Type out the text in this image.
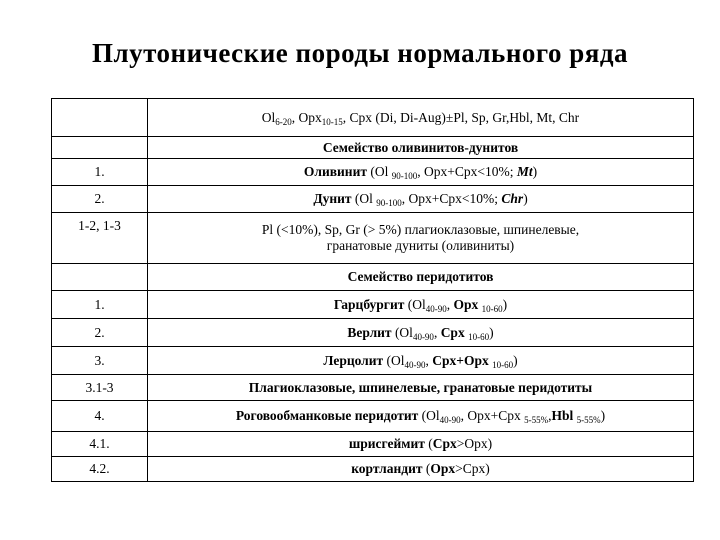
Плутонические породы нормального ряда
	$Ol_{6-20}$, Opx$_{10-15}$, Cpx (Di, Di-Aug)±Pl, Sp, Gr,Hbl, Mt, Chr
	Семейство оливинитов-дунитов
1.	Оливинит (Ol $_{90-100}$, Opx+Cpx<10%; Mt)
2.	Дунит (Ol $_{90-100}$, Opx+Cpx<10%; Chr)
1-2, 1-3	Pl (<10%), Sp, Gr (> 5%) плагиоклазовые, шпинелевые,
гранатовые дуниты (оливиниты)
	Семейство перидотитов
1.	Гарцбургит ($Ol_{40-90}$, Opx $_{10-60}$)
2.	Верлит ($Ol_{40-90}$, Cpx $_{10-60}$)
3.	Лерцолит ($Ol_{40-90}$, Cpx+Opx $_{10-60}$)
3.1-3	Плагиоклазовые, шпинелевые, гранатовые перидотиты
4.	Роговообманковые перидотит ($Ol_{40-90}$, Opx+Cpx $_{5-55\%}$,Hbl $_{5-55\%}$)
4.1.	шрисгеймит (Cpx>Opx)
4.2.	кортландит (Opx>Cpx)
